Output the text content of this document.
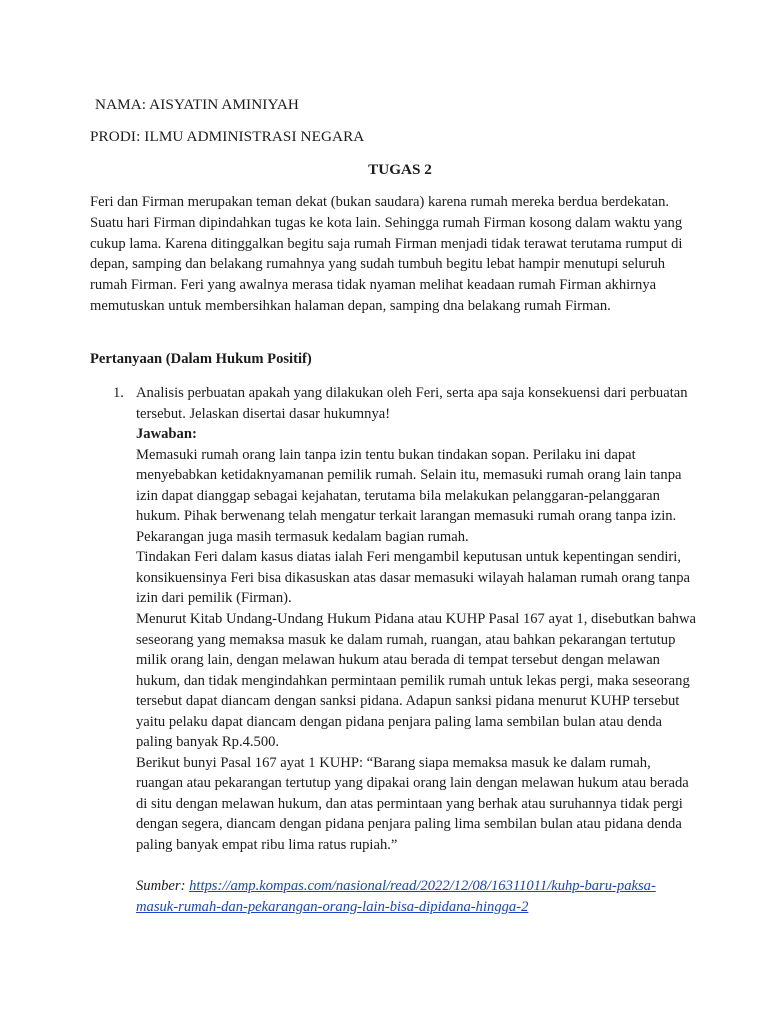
NAMA: AISYATIN AMINIYAH
PRODI: ILMU ADMINISTRASI NEGARA
TUGAS 2

Feri dan Firman merupakan teman dekat (bukan saudara) karena rumah mereka berdua berdekatan. Suatu hari Firman dipindahkan tugas ke kota lain. Sehingga rumah Firman kosong dalam waktu yang cukup lama. Karena ditinggalkan begitu saja rumah Firman menjadi tidak terawat terutama rumput di depan, samping dan belakang rumahnya yang sudah tumbuh begitu lebat hampir menutupi seluruh rumah Firman. Feri yang awalnya merasa tidak nyaman melihat keadaan rumah Firman akhirnya memutuskan untuk membersihkan halaman depan, samping dna belakang rumah Firman.

Pertanyaan (Dalam Hukum Positif)
1. Analisis perbuatan apakah yang dilakukan oleh Feri, serta apa saja konsekuensi dari perbuatan tersebut. Jelaskan disertai dasar hukumnya!

Jawaban:

Memasuki rumah orang lain tanpa izin tentu bukan tindakan sopan. Perilaku ini dapat menyebabkan ketidaknyamanan pemilik rumah. Selain itu, memasuki rumah orang lain tanpa izin dapat dianggap sebagai kejahatan, terutama bila melakukan pelanggaran-pelanggaran hukum. Pihak berwenang telah mengatur terkait larangan memasuki rumah orang tanpa izin. Pekarangan juga masih termasuk kedalam bagian rumah.

Tindakan Feri dalam kasus diatas ialah Feri mengambil keputusan untuk kepentingan sendiri, konsikuensinya Feri bisa dikasuskan atas dasar memasuki wilayah halaman rumah orang tanpa izin dari pemilik (Firman).

Menurut Kitab Undang-Undang Hukum Pidana atau KUHP Pasal 167 ayat 1, disebutkan bahwa seseorang yang memaksa masuk ke dalam rumah, ruangan, atau bahkan pekarangan tertutup milik orang lain, dengan melawan hukum atau berada di tempat tersebut dengan melawan hukum, dan tidak mengindahkan permintaan pemilik rumah untuk lekas pergi, maka seseorang tersebut dapat diancam dengan sanksi pidana. Adapun sanksi pidana menurut KUHP tersebut yaitu pelaku dapat diancam dengan pidana penjara paling lama sembilan bulan atau denda paling banyak Rp.4.500.

Berikut bunyi Pasal 167 ayat 1 KUHP: “Barang siapa memaksa masuk ke dalam rumah, ruangan atau pekarangan tertutup yang dipakai orang lain dengan melawan hukum atau berada di situ dengan melawan hukum, dan atas permintaan yang berhak atau suruhannya tidak pergi dengan segera, diancam dengan pidana penjara paling lima sembilan bulan atau pidana denda paling banyak empat ribu lima ratus rupiah.”

Sumber: https://amp.kompas.com/nasional/read/2022/12/08/16311011/kuhp-baru-paksa-masuk-rumah-dan-pekarangan-orang-lain-bisa-dipidana-hingga-2
